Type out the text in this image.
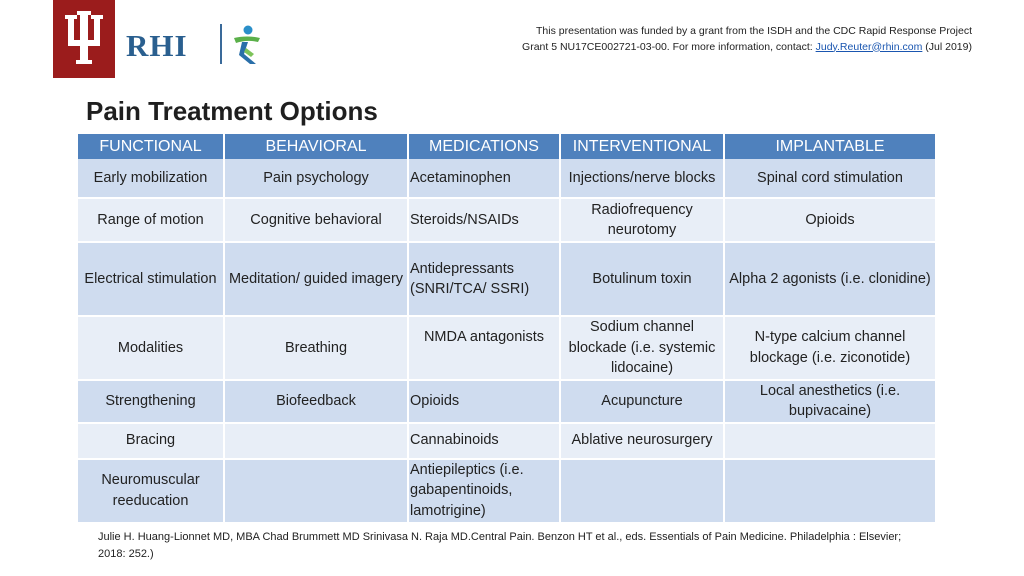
RHI	This presentation was funded by a grant from the ISDH and the CDC Rapid Response Project
Grant 5 NU17CE002721-03-00. For more information, contact: Judy.Reuter@rhin.com (Jul 2019)
Pain Treatment Options
FUNCTIONAL	BEHAVIORAL	MEDICATIONS	INTERVENTIONAL	IMPLANTABLE
Early mobilization	Pain psychology	Acetaminophen	Injections/nerve blocks	Spinal cord stimulation
Range of motion	Cognitive behavioral	Steroids/NSAIDs	Radiofrequency neurotomy	Opioids
Electrical stimulation	Meditation/ guided imagery	Antidepressants (SNRI/TCA/ SSRI)	Botulinum toxin	Alpha 2 agonists (i.e. clonidine)
Modalities	Breathing	NMDA antagonists	Sodium channel blockade (i.e. systemic lidocaine)	N-type calcium channel blockage (i.e. ziconotide)
Strengthening	Biofeedback	Opioids	Acupuncture	Local anesthetics (i.e. bupivacaine)
Bracing		Cannabinoids	Ablative neurosurgery	
Neuromuscular reeducation		Antiepileptics (i.e. gabapentinoids, lamotrigine)		
Julie H. Huang-Lionnet MD, MBA Chad Brummett MD Srinivasa N. Raja MD.Central Pain. Benzon HT et al., eds. Essentials of Pain Medicine. Philadelphia : Elsevier; 2018: 252.)
